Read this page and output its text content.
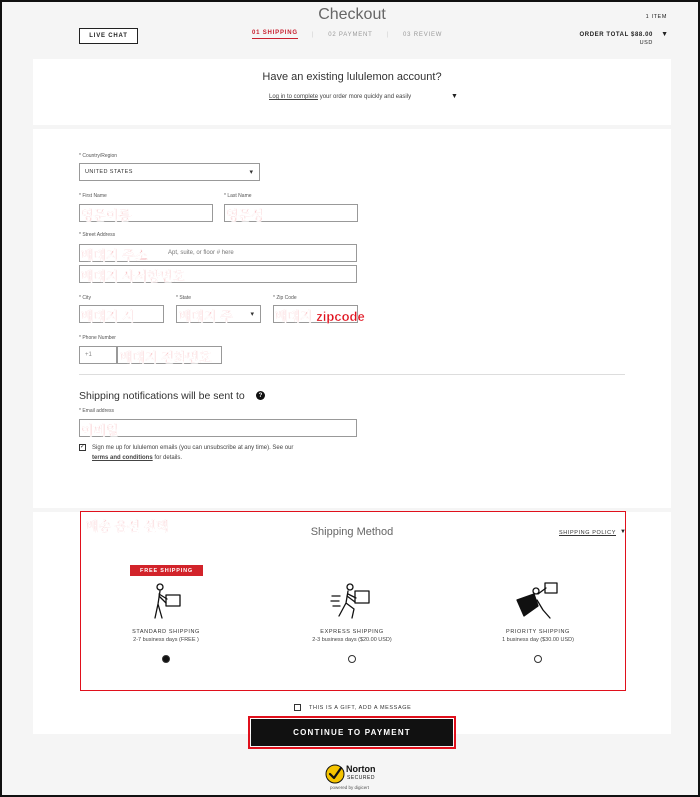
Checkout
LIVE CHAT	01 SHIPPING | 02 PAYMENT | 03 REVIEW
1 ITEM
ORDER TOTAL $88.00
USD
▼
Have an existing lululemon account?
Log in to complete your order more quickly and easily	▼
* Country/Region
UNITED STATES	▾
* First Name	* Last Name
영문이름	영문성
* Street Address
Apt, suite, or floor # here
배대지 주소
배대지 사서함번호
* City	* State	* Zip Code
▾
배대지 시	배대지 주	배대지 zipcode
* Phone Number
+1 배대지 전화번호
Shipping notifications will be sent to	?
* Email address
이메일
✓ Sign me up for lululemon emails (you can unsubscribe at any time). See our
terms and conditions for details.
배송 옵션 선택	Shipping Method	SHIPPING POLICY ▼
FREE SHIPPING
STANDARD SHIPPING
2-7 business days (FREE )
EXPRESS SHIPPING
2-3 business days ($20.00 USD)
PRIORITY SHIPPING
1 business day ($30.00 USD)
THIS IS A GIFT, ADD A MESSAGE
CONTINUE TO PAYMENT
Norton
SECURED
powered by digicert
